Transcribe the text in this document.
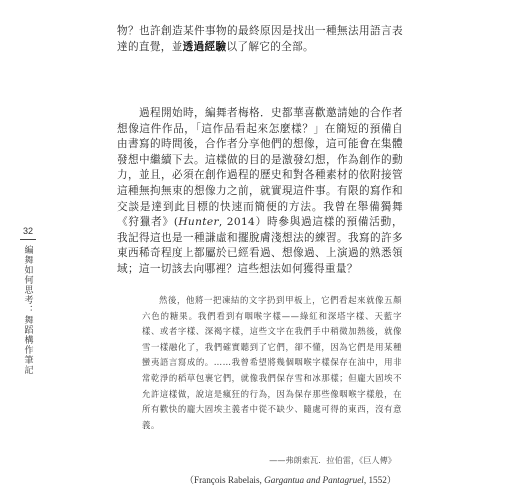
物？也許創造某件事物的最終原因是找出一種無法用語言表達的直覺，並透過經驗以了解它的全部。

過程開始時，編舞者梅格．史都華喜歡邀請她的合作者想像這件作品，「這作品看起來怎麼樣？」在簡短的預備自由書寫的時間後，合作者分享他們的想像，這可能會在集體發想中繼續下去。這樣做的目的是激發幻想，作為創作的動力，並且，必須在創作過程的歷史和對各種素材的依附接管這種無拘無束的想像力之前，就實現這件事。有限的寫作和交談是達到此目標的快速而簡便的方法。我曾在舉備獨舞《狩獵者》(Hunter, 2014）時參與過這樣的預備活動，我記得這也是一種謙虛和擺脫膚淺想法的練習。我寫的許多東西稀奇程度上都屬於已經看過、想像過、上演過的熟悉領域；這一切該去向哪裡？這些想法如何獲得重量？

32
編舞如何思考：舞蹈構作筆記	然後，他將一把凍結的文字扔到甲板上，它們看起來就像五顏六色的糖果。我們看到有咽喉字樣——綠紅和深塔字樣、天藍字樣、或者字樣、深褐字樣，這些文字在我們手中稍微加熱後，就像雪一樣融化了，我們確實聽到了它們，卻不懂，因為它們是用某種蠻夷語言寫成的。……我曾希望將幾個咽喉字樣保存在油中，用非常乾淨的稻草包裹它們，就像我們保存雪和冰那樣；但龐大固埃不允許這樣做，說這是瘋狂的行為，因為保存那些像咽喉字樣般，在所有歡快的龐大固埃主義者中從不缺少、隨處可得的東西，沒有意義。
——弗朗索瓦．拉伯雷，《巨人傳》
（François Rabelais, Gargantua and Pantagruel, 1552）
